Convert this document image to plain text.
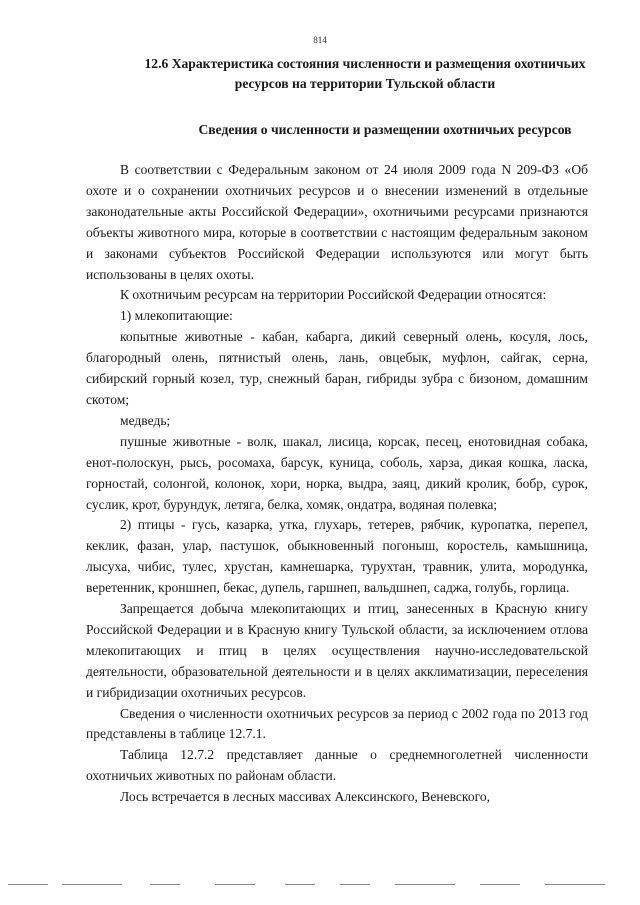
814
12.6 Характеристика состояния численности и размещения охотничьих ресурсов на территории Тульской области
Сведения о численности и размещении охотничьих ресурсов

В соответствии с Федеральным законом от 24 июля 2009 года N 209-ФЗ «Об охоте и о сохранении охотничьих ресурсов и о внесении изменений в отдельные законодательные акты Российской Федерации», охотничьими ресурсами признаются объекты животного мира, которые в соответствии с настоящим федеральным законом и законами субъектов Российской Федерации используются или могут быть использованы в целях охоты.

К охотничьим ресурсам на территории Российской Федерации относятся:

1) млекопитающие:

копытные животные - кабан, кабарга, дикий северный олень, косуля, лось, благородный олень, пятнистый олень, лань, овцебык, муфлон, сайгак, серна, сибирский горный козел, тур, снежный баран, гибриды зубра с бизоном, домашним скотом;

медведь;

пушные животные - волк, шакал, лисица, корсак, песец, енотовидная собака, енот-полоскун, рысь, росомаха, барсук, куница, соболь, харза, дикая кошка, ласка, горностай, солонгой, колонок, хори, норка, выдра, заяц, дикий кролик, бобр, сурок, суслик, крот, бурундук, летяга, белка, хомяк, ондатра, водяная полевка;

2) птицы - гусь, казарка, утка, глухарь, тетерев, рябчик, куропатка, перепел, кеклик, фазан, улар, пастушок, обыкновенный погоныш, коростель, камышница, лысуха, чибис, тулес, хрустан, камнешарка, турухтан, травник, улита, мородунка, веретенник, кроншнеп, бекас, дупель, гаршнеп, вальдшнеп, саджа, голубь, горлица.

Запрещается добыча млекопитающих и птиц, занесенных в Красную книгу Российской Федерации и в Красную книгу Тульской области, за исключением отлова млекопитающих и птиц в целях осуществления научно-исследовательской деятельности, образовательной деятельности и в целях акклиматизации, переселения и гибридизации охотничьих ресурсов.

Сведения о численности охотничьих ресурсов за период с 2002 года по 2013 год представлены в таблице 12.7.1.

Таблица 12.7.2 представляет данные о среднемноголетней численности охотничьих животных по районам области.

Лось встречается в лесных массивах Алексинского, Веневского,
